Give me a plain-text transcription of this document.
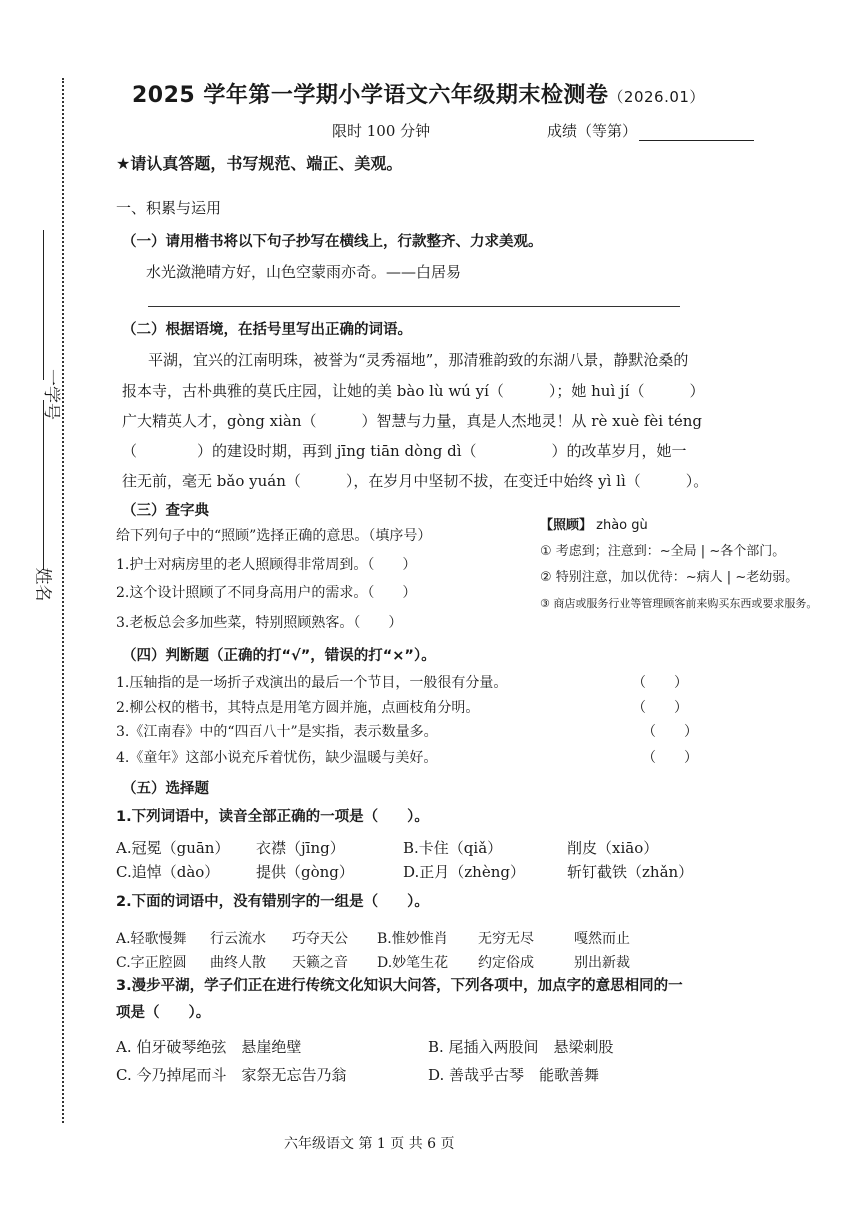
一学号
姓名
2025 学年第一学期小学语文六年级期末检测卷（2026.01）
限时 100 分钟	成绩（等第）
★请认真答题，书写规范、端正、美观。
一、积累与运用
（一）请用楷书将以下句子抄写在横线上，行款整齐、力求美观。
水光潋滟晴方好，山色空蒙雨亦奇。——白居易
（二）根据语境，在括号里写出正确的词语。
平湖，宜兴的江南明珠，被誉为“灵秀福地”，那清雅韵致的东湖八景，静默沧桑的
报本寺，古朴典雅的莫氏庄园，让她的美 bào lù wú yí（　　　）；她 huì jí（　　　）
广大精英人才，gòng xiàn（　　　）智慧与力量，真是人杰地灵！从 rè xuè fèi téng
（　　　　）的建设时期，再到 jīng tiān dòng dì（　　　　　）的改革岁月，她一
往无前，毫无 bǎo yuán（　　　），在岁月中坚韧不拔，在变迁中始终 yì lì（　　　）。
（三）查字典
给下列句子中的“照顾”选择正确的意思。（填序号）
1.护士对病房里的老人照顾得非常周到。（　　）
2.这个设计照顾了不同身高用户的需求。（　　）
3.老板总会多加些菜，特别照顾熟客。（　　）
【照顾】 zhào gù
① 考虑到；注意到：~全局 | ~各个部门。
② 特别注意，加以优待：~病人 | ~老幼弱。
③ 商店或服务行业等管理顾客前来购买东西或要求服务。
（四）判断题（正确的打“√”，错误的打“×”）。
1.压轴指的是一场折子戏演出的最后一个节目，一般很有分量。	（　　）
2.柳公权的楷书，其特点是用笔方圆并施，点画枝角分明。	（　　）
3.《江南春》中的“四百八十”是实指，表示数量多。	（　　）
4.《童年》这部小说充斥着忧伤，缺少温暖与美好。	（　　）
（五）选择题
1.下列词语中，读音全部正确的一项是（　　）。
A.冠冕（guān） 衣襟（jīng）	B.卡住（qiǎ）	削皮（xiāo）
C.追悼（dào） 提供（gòng）	D.正月（zhèng）	斩钉截铁（zhǎn）
2.下面的词语中，没有错别字的一组是（　　）。
A.轻歌慢舞 行云流水 巧夺天公 B.惟妙惟肖 无穷无尽	嘎然而止
C.字正腔圆 曲终人散 天籁之音 D.妙笔生花 约定俗成	别出新裁
3.漫步平湖，学子们正在进行传统文化知识大问答，下列各项中，加点字的意思相同的一
项是（　　）。
A. 伯牙破琴绝弦　悬崖绝壁	B. 尾插入两股间　悬梁刺股
C. 今乃掉尾而斗　家祭无忘告乃翁	D. 善哉乎古琴　能歌善舞
六年级语文 第 1 页 共 6 页
